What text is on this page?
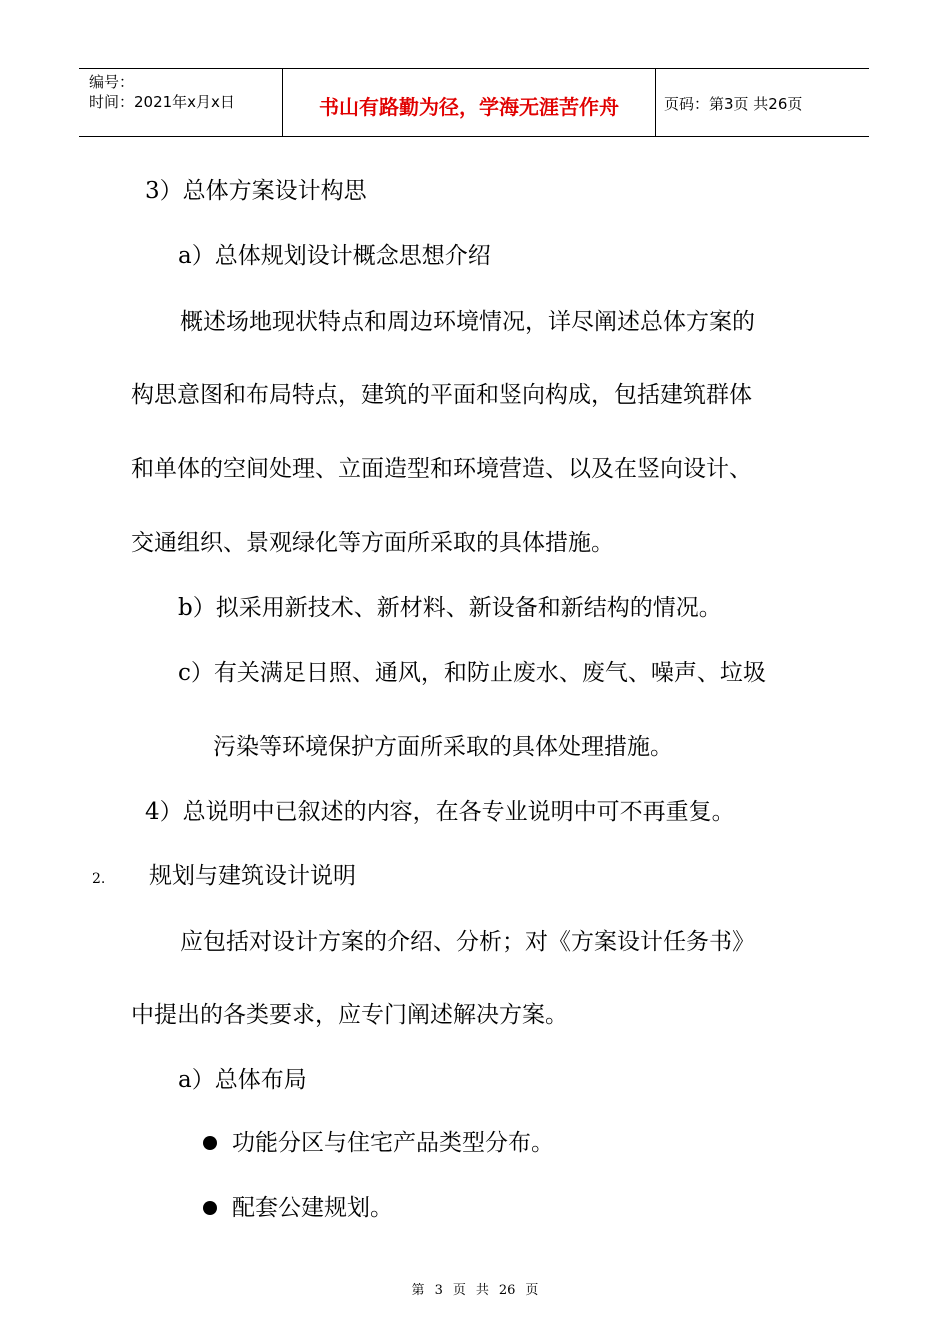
编号：
时间：2021年x月x日	书山有路勤为径，学海无涯苦作舟	页码：第3页 共26页
3）总体方案设计构思
a）总体规划设计概念思想介绍
概述场地现状特点和周边环境情况，详尽阐述总体方案的
构思意图和布局特点，建筑的平面和竖向构成，包括建筑群体
和单体的空间处理、立面造型和环境营造、以及在竖向设计、
交通组织、景观绿化等方面所采取的具体措施。
b）拟采用新技术、新材料、新设备和新结构的情况。
c）有关满足日照、通风，和防止废水、废气、噪声、垃圾
污染等环境保护方面所采取的具体处理措施。
4）总说明中已叙述的内容，在各专业说明中可不再重复。
2. 规划与建筑设计说明
应包括对设计方案的介绍、分析；对《方案设计任务书》
中提出的各类要求，应专门阐述解决方案。
a）总体布局
功能分区与住宅产品类型分布。
配套公建规划。
第 3 页 共 26 页
